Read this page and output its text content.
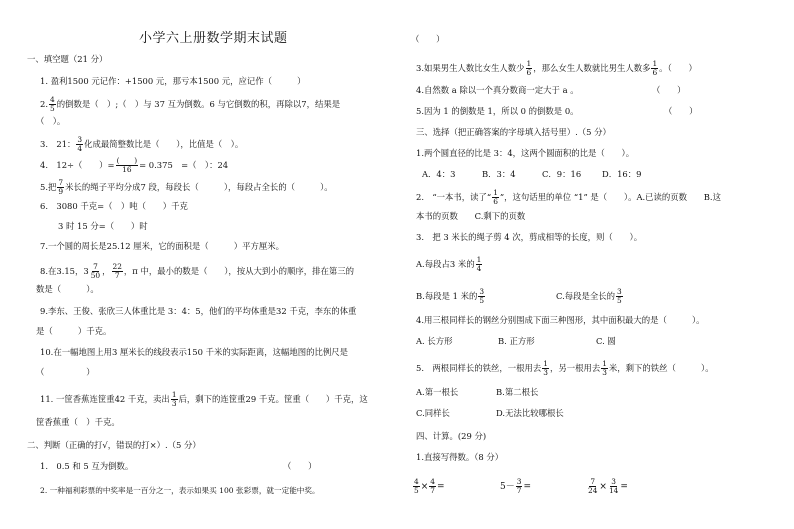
小学六上册数学期末试题
一、填空题（21 分）
1. 盈利1500 元记作：+1500 元，那亏本1500 元，应记作（　　　）
2. $\frac{4}{5}$ 的倒数是（　）;（　）与 37 互为倒数。6 与它倒数的积，再除以7，结果是
（　）。
3.　21： $\frac{3}{4}$ 化成最简整数比是（　　），比值是（　）。
4.　12÷（　　）= $\frac{( )}{16} = 0.375$　=（　）：24
5.把 $\frac{7}{9}$ 米长的绳子平均分成7 段，每段长（　　　），每段占全长的（　　　）。
6.　3080 千克=（　）吨（　　）千克
3 时 15 分=（　　）时
7.一个圆的周长是25.12 厘米，它的面积是（　　　）平方厘米。
8.在3.15，$3 \frac{7}{50}$ ， $\frac{22}{7}$ ，π 中，最小的数是（　　），按从大到小的顺序，排在第三的
数是（　　　）。
9.李东、王俊、张欣三人体重比是 3：4：5，他们的平均体重是32 千克，李东的体重
是（　　　）千克。
10.在一幅地图上用3 厘米长的线段表示150 千米的实际距离，这幅地图的比例尺是
（　　　　　）
11. 一筐香蕉连筐重42 千克，卖出 $\frac{1}{3}$ 后，剩下的连筐重29 千克。筐重（　　）千克，这
筐香蕉重（　）千克。
二、判断（正确的打√，错误的打×）.（5 分）
1.　0.5 和 5 互为倒数。	（　　）
2. 一种福利彩票的中奖率是一百分之一，表示如果买 100 张彩票，就一定能中奖。
（　　）
3.如果男生人数比女生人数少 $\frac{1}{6}$ ，那么女生人数就比男生人数多 $\frac{1}{6}$ 。（　　）
4.自然数 a 除以一个真分数商一定大于 a 。	（　　）
5.因为 1 的倒数是 1，所以 0 的倒数是 0。	（　　）
三、选择（把正确答案的字母填入括号里）.（5 分）
1.两个圆直径的比是 3：4，这两个圆面积的比是（　　）。
A．4：3	B．3：4	C．9：16 D．16：9
2.　“一本书，读了“ $\frac{1}{6}$ ”，这句话里的单位 “1” 是（　　）。A.已读的页数　　B.这
本书的页数　　C.剩下的页数
3.　把 3 米长的绳子剪 4 次，剪成相等的长度，则（　　）。
A.每段占3 米的 $\frac{1}{4}$
B.每段是 1 米的 $\frac{3}{5}$	C.每段是全长的 $\frac{3}{5}$
4.用三根同样长的钢丝分别围成下面三种图形，其中面积最大的是（　　　）。
A. 长方形	B. 正方形	C. 圆
5.　两根同样长的铁丝，一根用去 $\frac{1}{3}$ ，另一根用去 $\frac{1}{3}$ 米，剩下的铁丝（　　　）。
A.第一根长	B.第二根长
C.同样长	D.无法比较哪根长
四、计算。(29 分)
1.直接写得数。（8 分）
$\frac{4}{5} \times \frac{4}{7}$ =	$5- \frac{3}{7}$ =	$\frac{7}{24} \times \frac{3}{14}$ =
